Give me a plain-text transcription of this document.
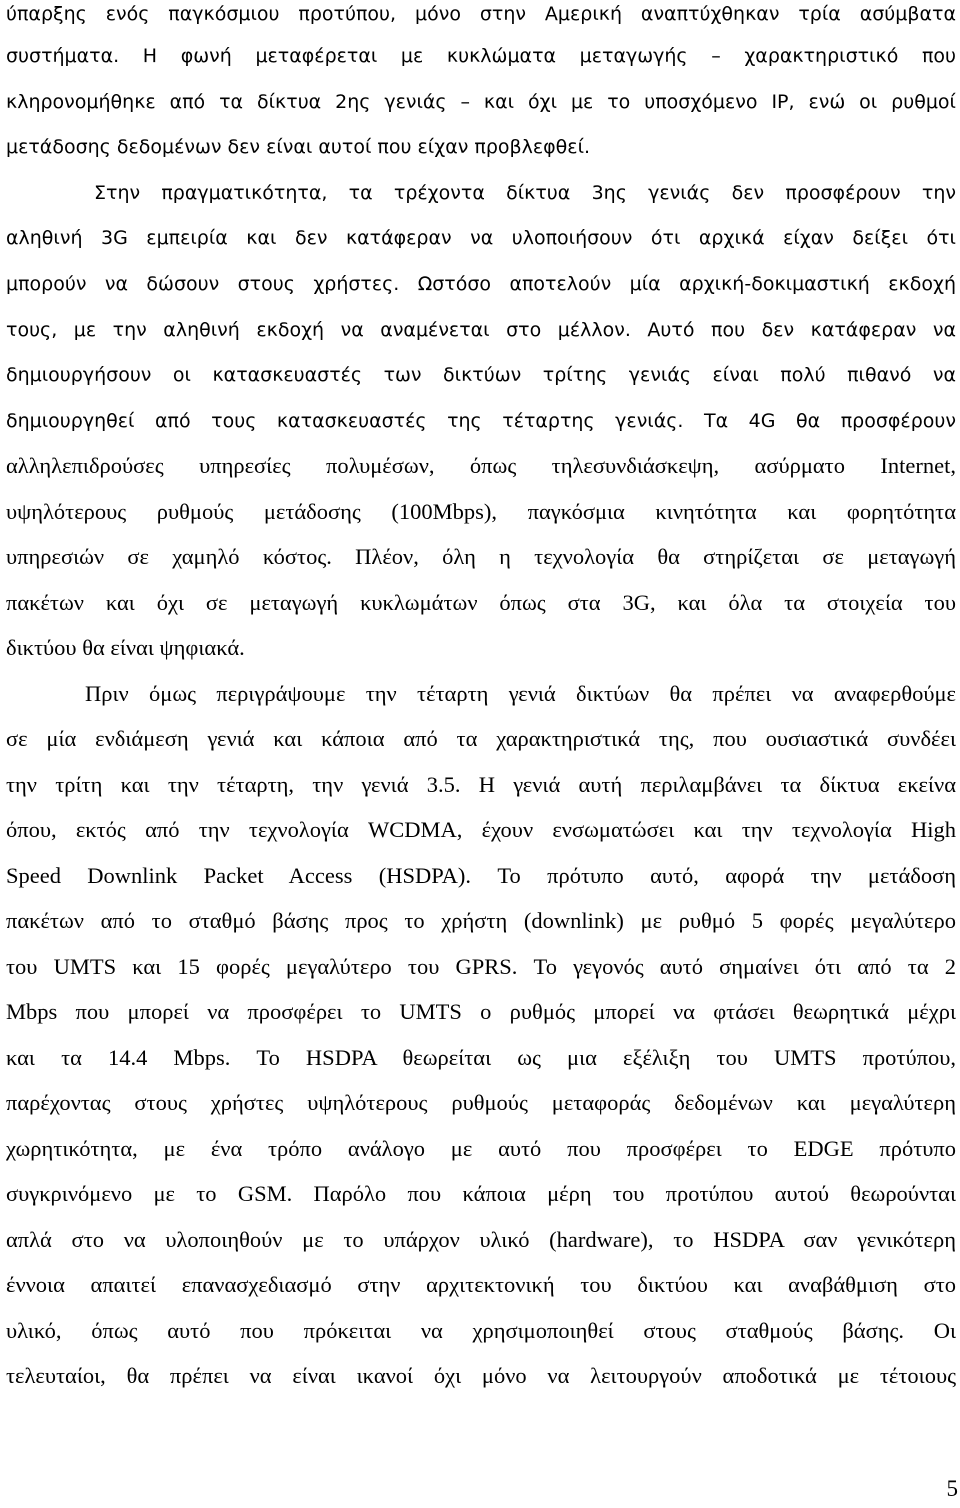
ύπαρξης ενός παγκόσμιου προτύπου, μόνο στην Αμερική αναπτύχθηκαν τρία ασύμβατα
συστήματα. Η φωνή μεταφέρεται με κυκλώματα μεταγωγής – χαρακτηριστικό που
κληρονομήθηκε από τα δίκτυα 2ης γενιάς – και όχι με το υποσχόμενο IP, ενώ οι ρυθμοί
μετάδοσης δεδομένων δεν είναι αυτοί που είχαν προβλεφθεί.
Στην πραγματικότητα, τα τρέχοντα δίκτυα 3ης γενιάς δεν προσφέρουν την
αληθινή 3G εμπειρία και δεν κατάφεραν να υλοποιήσουν ότι αρχικά είχαν δείξει ότι
μπορούν να δώσουν στους χρήστες. Ωστόσο αποτελούν μία αρχική-δοκιμαστική εκδοχή
τους, με την αληθινή εκδοχή να αναμένεται στο μέλλον. Αυτό που δεν κατάφεραν να
δημιουργήσουν οι κατασκευαστές των δικτύων τρίτης γενιάς είναι πολύ πιθανό να
δημιουργηθεί από τους κατασκευαστές της τέταρτης γενιάς. Τα 4G θα προσφέρουν
αλληλεπιδρούσες υπηρεσίες πολυμέσων, όπως τηλεσυνδιάσκεψη, ασύρματο Internet,
υψηλότερους ρυθμούς μετάδοσης (100Mbps), παγκόσμια κινητότητα και φορητότητα
υπηρεσιών σε χαμηλό κόστος. Πλέον, όλη η τεχνολογία θα στηρίζεται σε μεταγωγή
πακέτων και όχι σε μεταγωγή κυκλωμάτων όπως στα 3G, και όλα τα στοιχεία του
δικτύου θα είναι ψηφιακά.
Πριν όμως περιγράψουμε την τέταρτη γενιά δικτύων θα πρέπει να αναφερθούμε
σε μία ενδιάμεση γενιά και κάποια από τα χαρακτηριστικά της, που ουσιαστικά συνδέει
την τρίτη και την τέταρτη, την γενιά 3.5. Η γενιά αυτή περιλαμβάνει τα δίκτυα εκείνα
όπου, εκτός από την τεχνολογία WCDMA, έχουν ενσωματώσει και την τεχνολογία High
Speed Downlink Packet Access (HSDPA). Το πρότυπο αυτό, αφορά την μετάδοση
πακέτων από το σταθμό βάσης προς το χρήστη (downlink) με ρυθμό 5 φορές μεγαλύτερο
του UMTS και 15 φορές μεγαλύτερο του GPRS. Το γεγονός αυτό σημαίνει ότι από τα 2
Mbps που μπορεί να προσφέρει το UMTS ο ρυθμός μπορεί να φτάσει θεωρητικά μέχρι
και τα 14.4 Mbps. Το HSDPA θεωρείται ως μια εξέλιξη του UMTS προτύπου,
παρέχοντας στους χρήστες υψηλότερους ρυθμούς μεταφοράς δεδομένων και μεγαλύτερη
χωρητικότητα, με ένα τρόπο ανάλογο με αυτό που προσφέρει το EDGE πρότυπο
συγκρινόμενο με το GSM. Παρόλο που κάποια μέρη του προτύπου αυτού θεωρούνται
απλά στο να υλοποιηθούν με το υπάρχον υλικό (hardware), το HSDPA σαν γενικότερη
έννοια απαιτεί επανασχεδιασμό στην αρχιτεκτονική του δικτύου και αναβάθμιση στο
υλικό, όπως αυτό που πρόκειται να χρησιμοποιηθεί στους σταθμούς βάσης. Οι
τελευταίοι, θα πρέπει να είναι ικανοί όχι μόνο να λειτουργούν αποδοτικά με τέτοιους
5
